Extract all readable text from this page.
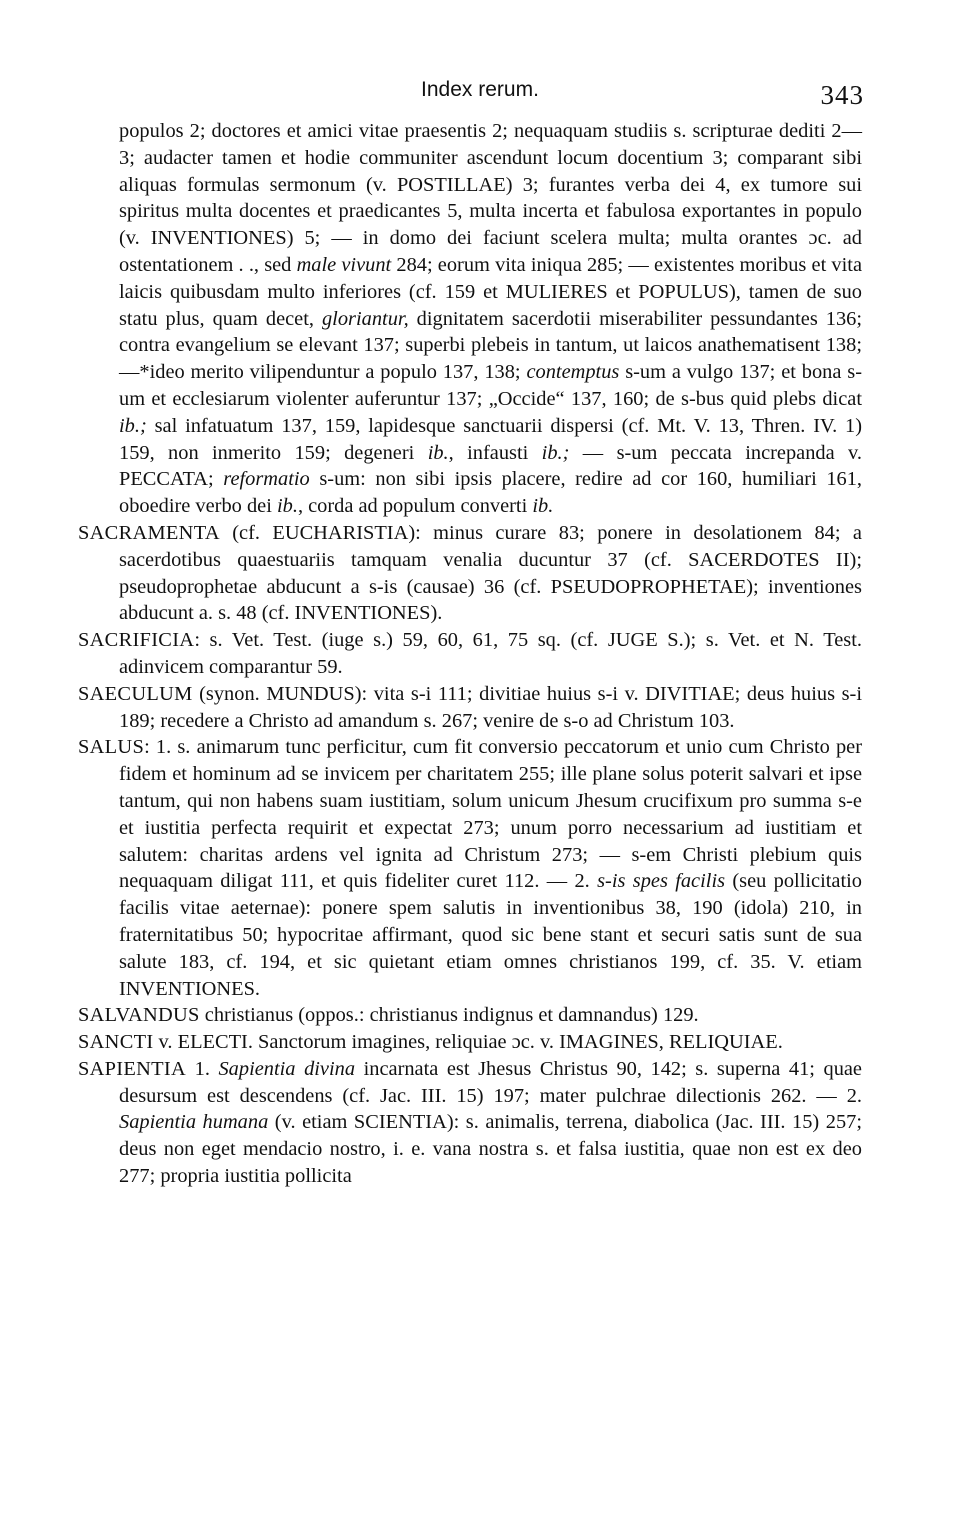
Index rerum.	343

populos 2; doctores et amici vitae praesentis 2; nequaquam studiis s. scripturae dediti 2—3; audacter tamen et hodie communiter ascendunt locum docentium 3; comparant sibi aliquas formulas sermonum (v. POSTILLAE) 3; furantes verba dei 4, ex tumore sui spiritus multa docentes et praedicantes 5, multa incerta et fabulosa exportantes in populo (v. INVENTIONES) 5; — in domo dei faciunt scelera multa; multa orantes ɔc. ad ostentationem . ., sed male vivunt 284; eorum vita iniqua 285; — existentes moribus et vita laicis quibusdam multo inferiores (cf. 159 et MULIERES et POPULUS), tamen de suo statu plus, quam decet, gloriantur, dignitatem sacerdotii miserabiliter pessundantes 136; contra evangelium se elevant 137; superbi plebeis in tantum, ut laicos anathematisent 138; —*ideo merito vilipenduntur a populo 137, 138; contemptus s-um a vulgo 137; et bona s-um et ecclesiarum violenter auferuntur 137; „Occide“ 137, 160; de s-bus quid plebs dicat ib.; sal infatuatum 137, 159, lapidesque sanctuarii dispersi (cf. Mt. V. 13, Thren. IV. 1) 159, non inmerito 159; degeneri ib., infausti ib.; — s-um peccata increpanda v. PECCATA; reformatio s-um: non sibi ipsis placere, redire ad cor 160, humiliari 161, oboedire verbo dei ib., corda ad populum converti ib.

SACRAMENTA (cf. EUCHARISTIA): minus curare 83; ponere in desolationem 84; a sacerdotibus quaestuariis tamquam venalia ducuntur 37 (cf. SACERDOTES II); pseudoprophetae abducunt a s-is (causae) 36 (cf. PSEUDOPROPHETAE); inventiones abducunt a. s. 48 (cf. INVENTIONES).

SACRIFICIA: s. Vet. Test. (iuge s.) 59, 60, 61, 75 sq. (cf. JUGE S.); s. Vet. et N. Test. adinvicem comparantur 59.

SAECULUM (synon. MUNDUS): vita s-i 111; divitiae huius s-i v. DIVITIAE; deus huius s-i 189; recedere a Christo ad amandum s. 267; venire de s-o ad Christum 103.

SALUS: 1. s. animarum tunc perficitur, cum fit conversio peccatorum et unio cum Christo per fidem et hominum ad se invicem per charitatem 255; ille plane solus poterit salvari et ipse tantum, qui non habens suam iustitiam, solum unicum Jhesum crucifixum pro summa s-e et iustitia perfecta requirit et expectat 273; unum porro necessarium ad iustitiam et salutem: charitas ardens vel ignita ad Christum 273; — s-em Christi plebium quis nequaquam diligat 111, et quis fideliter curet 112. — 2. s-is spes facilis (seu pollicitatio facilis vitae aeternae): ponere spem salutis in inventionibus 38, 190 (idola) 210, in fraternitatibus 50; hypocritae affirmant, quod sic bene stant et securi satis sunt de sua salute 183, cf. 194, et sic quietant etiam omnes christianos 199, cf. 35. V. etiam INVENTIONES.

SALVANDUS christianus (oppos.: christianus indignus et damnandus) 129.

SANCTI v. ELECTI. Sanctorum imagines, reliquiae ɔc. v. IMAGINES, RELIQUIAE.

SAPIENTIA 1. Sapientia divina incarnata est Jhesus Christus 90, 142; s. superna 41; quae desursum est descendens (cf. Jac. III. 15) 197; mater pulchrae dilectionis 262. — 2. Sapientia humana (v. etiam SCIENTIA): s. animalis, terrena, diabolica (Jac. III. 15) 257; deus non eget mendacio nostro, i. e. vana nostra s. et falsa iustitia, quae non est ex deo 277; propria iustitia pollicita
